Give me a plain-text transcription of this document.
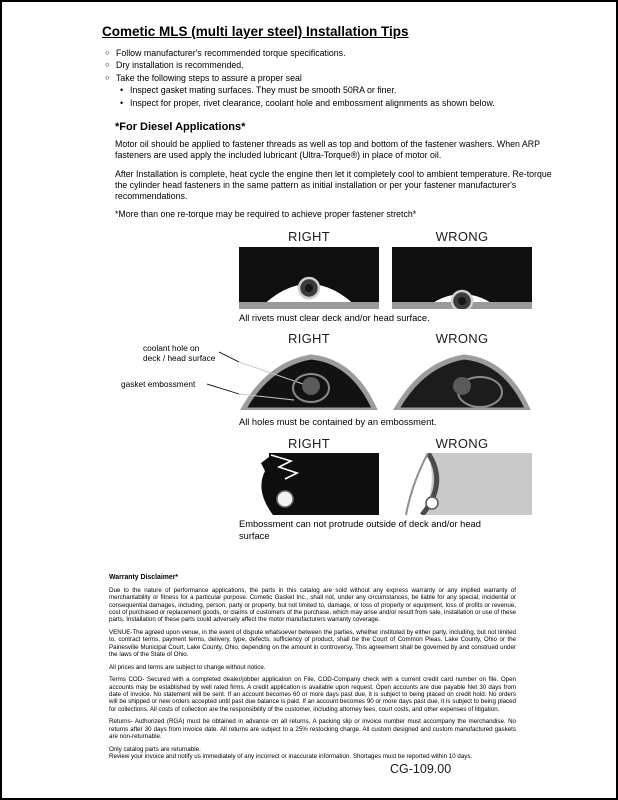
Cometic MLS (multi layer steel) Installation Tips
○ Follow manufacturer's recommended torque specifications.
○ Dry installation is recommended.
○ Take the following steps to assure a proper seal
• Inspect gasket mating surfaces. They must be smooth 50RA or finer.
• Inspect for proper, rivet clearance, coolant hole and embossment alignments as shown below.
*For Diesel Applications*
Motor oil should be applied to fastener threads as well as top and bottom of the fastener washers. When ARP fasteners are used apply the included lubricant (Ultra-Torque®) in place of motor oil.
After Installation is complete, heat cycle the engine then let it completely cool to ambient temperature. Re-torque the cylinder head fasteners in the same pattern as initial installation or per your fastener manufacturer's recommendations.
*More than one re-torque may be required to achieve proper fastener stretch*
RIGHT	WRONG
All rivets must clear deck and/or head surface.
RIGHT	WRONG
coolant hole on
deck / head surface
gasket embossment
All holes must be contained by an embossment.
RIGHT	WRONG
Embossment can not protrude outside of deck and/or head surface
Warranty Disclaimer*
Due to the nature of performance applications, the parts in this catalog are sold without any express warranty or any implied warranty of merchantability or fitness for a particular purpose. Cometic Gasket Inc., shall not, under any circumstances, be liable for any special, incidental or consequential damages, including, person, party or property, but not limited to, damage, or loss of property or equipment, loss of profits or revenue, cost of purchased or replacement goods, or claims of customers of the purchase, which may arise and/or result from sale, installation or use of these parts. Installation of these parts could adversely affect the motor manufacturers warranty coverage.
VENUE-The agreed upon venue, in the event of dispute whatsoever between the parties, whether instituted by either party, including, but not limited to, contract terms, payment terms, delivery, type, defects, sufficiency of product, shall be the Court of Common Pleas, Lake County, Ohio or the Painesville Municipal Court, Lake County, Ohio, depending on the amount in controversy. This agreement shall be governed by and construed under the laws of the State of Ohio.
All prices and terms are subject to change without notice.
Terms COD- Secured with a completed dealer/jobber application on File, COD-Company check with a current credit card number on file. Open accounts may be established by well rated firms. A credit application is available upon request. Open accounts are due payable Net 30 days from date of invoice. No statement will be sent. If an account becomes 60 or more days past due, it is subject to being placed on credit hold. No orders will be shipped or new orders accepted until past due balance is paid. If an account becomes 90 or more days past due, it is subject to being placed for collections. All costs of collection are the responsibility of the customer, including attorney fees, court costs, and other expenses of litigation.
Returns- Authorized (RGA) must be obtained in advance on all returns. A packing slip or invoice number must accompany the merchandise. No returns after 30 days from invoice date. All returns are subject to a 25% restocking charge. All custom designed and custom manufactured gaskets are non-returnable.
Only catalog parts are returnable.
Review your invoice and notify us immediately of any incorrect or inaccurate information. Shortages must be reported within 10 days.
CG-109.00
